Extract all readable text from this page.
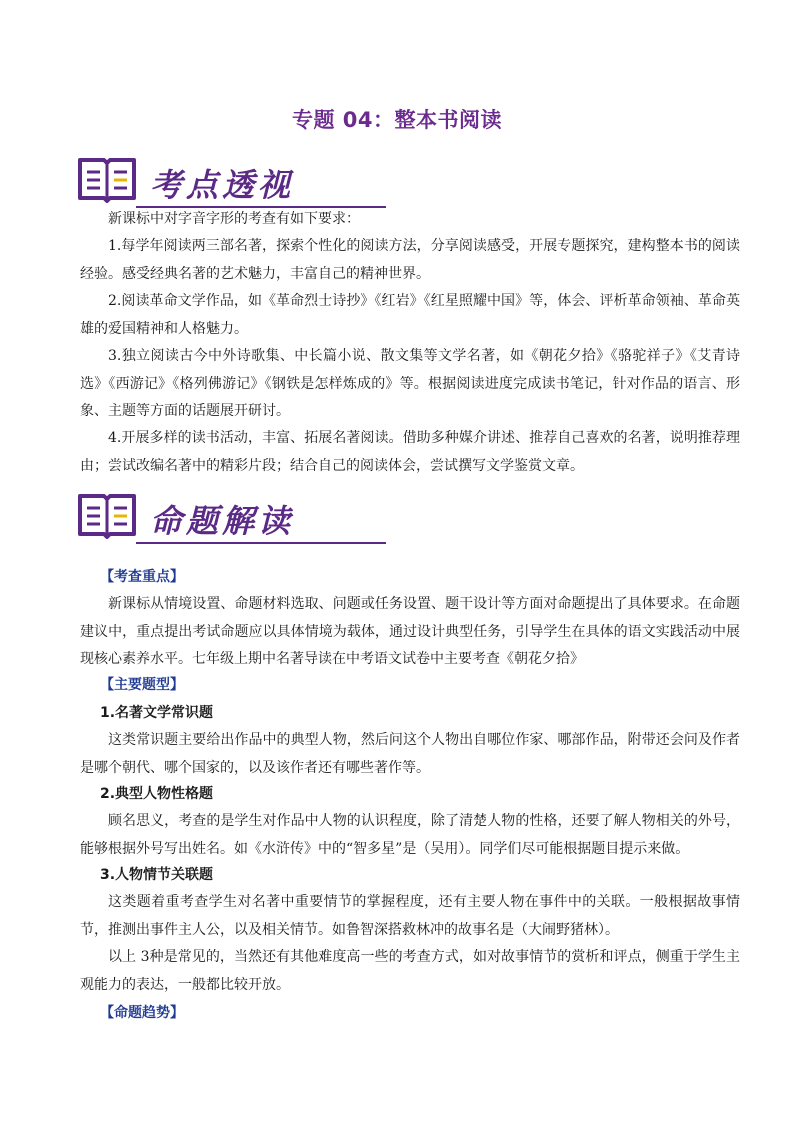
专题 04：整本书阅读
考点透视

新课标中对字音字形的考查有如下要求：

1.每学年阅读两三部名著，探索个性化的阅读方法，分享阅读感受，开展专题探究，建构整本书的阅读经验。感受经典名著的艺术魅力，丰富自己的精神世界。

2.阅读革命文学作品，如《革命烈士诗抄》《红岩》《红星照耀中国》等，体会、评析革命领袖、革命英雄的爱国精神和人格魅力。

3.独立阅读古今中外诗歌集、中长篇小说、散文集等文学名著，如《朝花夕拾》《骆驼祥子》《艾青诗选》《西游记》《格列佛游记》《钢铁是怎样炼成的》等。根据阅读进度完成读书笔记，针对作品的语言、形象、主题等方面的话题展开研讨。

4.开展多样的读书活动，丰富、拓展名著阅读。借助多种媒介讲述、推荐自己喜欢的名著，说明推荐理由；尝试改编名著中的精彩片段；结合自己的阅读体会，尝试撰写文学鉴赏文章。

命题解读
【考查重点】

新课标从情境设置、命题材料选取、问题或任务设置、题干设计等方面对命题提出了具体要求。在命题建议中，重点提出考试命题应以具体情境为载体，通过设计典型任务，引导学生在具体的语文实践活动中展现核心素养水平。七年级上期中名著导读在中考语文试卷中主要考查《朝花夕拾》

【主要题型】
1.名著文学常识题

这类常识题主要给出作品中的典型人物，然后问这个人物出自哪位作家、哪部作品，附带还会问及作者是哪个朝代、哪个国家的，以及该作者还有哪些著作等。

2.典型人物性格题

顾名思义，考查的是学生对作品中人物的认识程度，除了清楚人物的性格，还要了解人物相关的外号，能够根据外号写出姓名。如《水浒传》中的“智多星”是（吴用）。同学们尽可能根据题目提示来做。

3.人物情节关联题

这类题着重考查学生对名著中重要情节的掌握程度，还有主要人物在事件中的关联。一般根据故事情节，推测出事件主人公，以及相关情节。如鲁智深搭救林冲的故事名是（大闹野猪林）。

以上 3种是常见的，当然还有其他难度高一些的考查方式，如对故事情节的赏析和评点，侧重于学生主观能力的表达，一般都比较开放。

【命题趋势】
